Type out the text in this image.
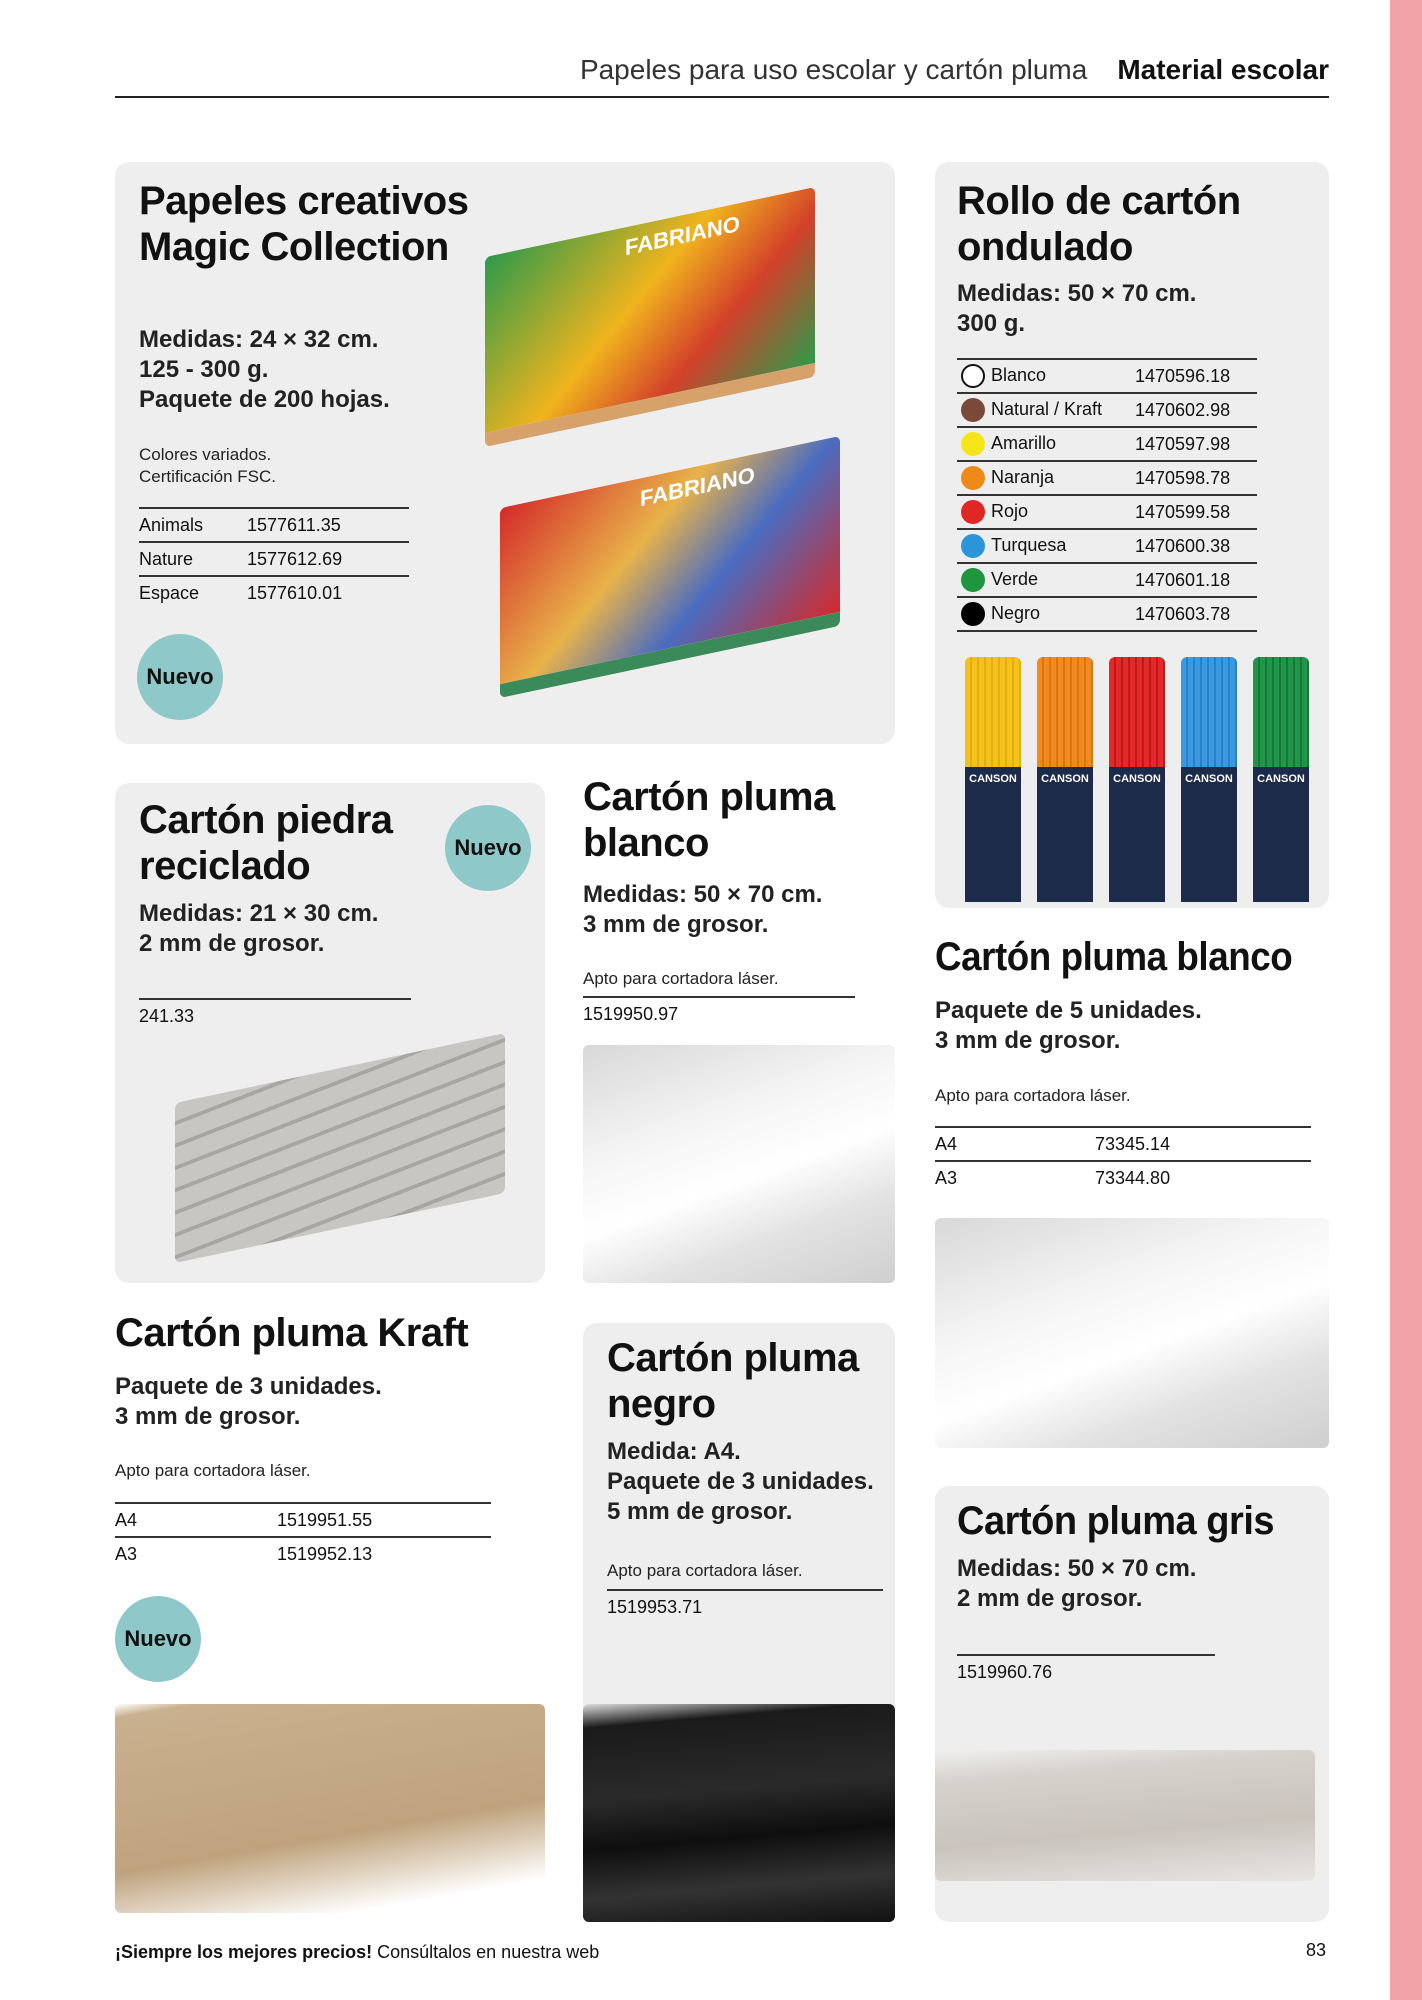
Papeles para uso escolar y cartón pluma Material escolar
FABRIANO
FABRIANO
Papeles creativos Magic Collection
Medidas: 24 × 32 cm.
125 - 300 g.
Paquete de 200 hojas.
Colores variados.
Certificación FSC.
Animals	1577611.35
Nature	1577612.69
Espace	1577610.01
Nuevo
Rollo de cartón ondulado
Medidas: 50 × 70 cm.
300 g.
Blanco	1470596.18
Natural / Kraft	1470602.98
Amarillo	1470597.98
Naranja	1470598.78
Rojo	1470599.58
Turquesa	1470600.38
Verde	1470601.18
Negro	1470603.78
CANSON	CANSON	CANSON	CANSON	CANSON
Cartón piedra reciclado	Nuevo
Medidas: 21 × 30 cm.
2 mm de grosor.
241.33
Cartón pluma blanco
Medidas: 50 × 70 cm.
3 mm de grosor.
Apto para cortadora láser.
1519950.97
Cartón pluma blanco
Paquete de 5 unidades.
3 mm de grosor.
Apto para cortadora láser.
A4	73345.14
A3	73344.80
Cartón pluma Kraft
Paquete de 3 unidades.
3 mm de grosor.
Apto para cortadora láser.
A4	1519951.55
A3	1519952.13
Nuevo
Cartón pluma negro
Medida: A4.
Paquete de 3 unidades.
5 mm de grosor.
Apto para cortadora láser.
1519953.71
Cartón pluma gris
Medidas: 50 × 70 cm.
2 mm de grosor.
1519960.76
¡Siempre los mejores precios! Consúltalos en nuestra web	83
